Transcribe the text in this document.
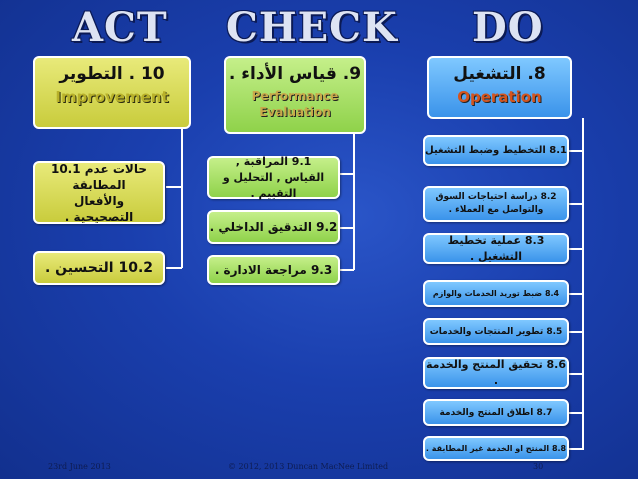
ACT CHECK DO
10 . التطوير
Improvement
9. قياس الأداء .
Performance Evaluation
8. التشغيل
Operation
حالات عدم 10.1 المطابقة والأفعال التصحيحية .
10.2 التحسين .
9.1 المراقبة , القياس , التحليل و التقييم .
9.2 التدقيق الداخلي .
9.3 مراجعة الادارة .
8.1 التخطيط وضبط التشغيل
8.2 دراسة احتياجات السوق والتواصل مع العملاء .
8.3 عملية تخطيط التشغيل .
8.4 ضبط توريد الخدمات والوازم
8.5 تطوير المنتجات والخدمات
8.6 تحقيق المنتج والخدمة .
8.7 اطلاق المنتج والخدمة
8.8 المنتج او الخدمة غير المطابقة .
23rd June 2013	© 2012, 2013 Duncan MacNee Limited	30
